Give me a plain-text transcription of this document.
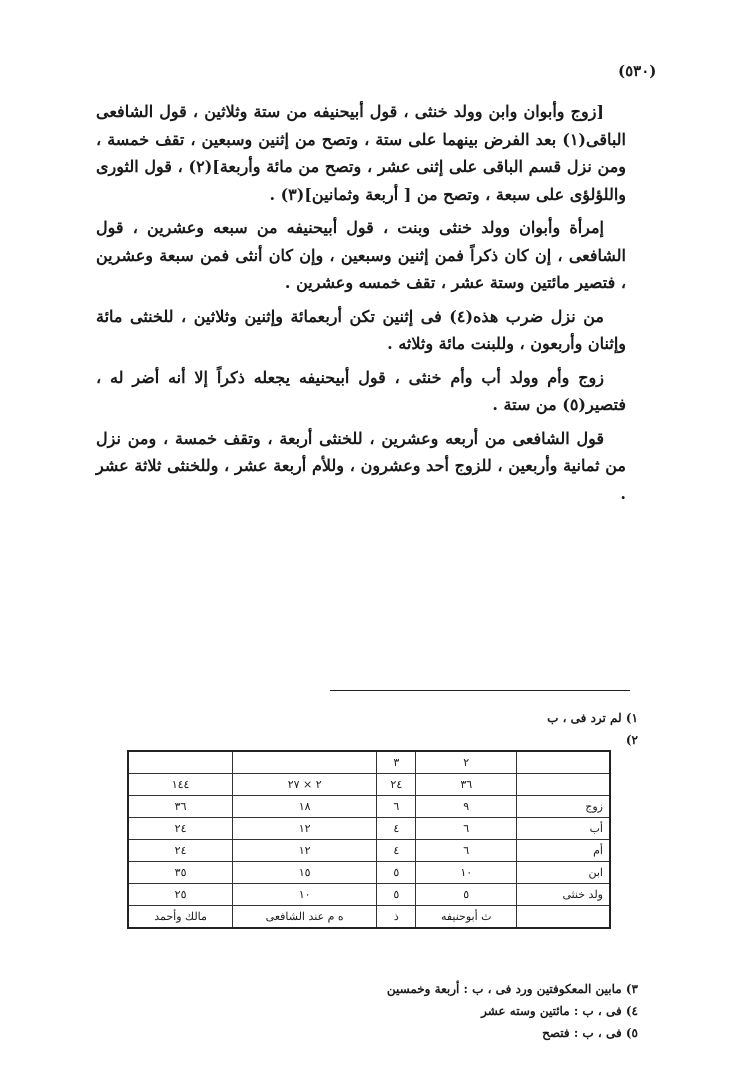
(٥٣٠)

[زوج وأبوان وابن وولد خنثى ، قول أبيحنيفه من ستة وثلاثين ، قول الشافعى الباقى(١) بعد الفرض بينهما على ستة ، وتصح من إثنين وسبعين ، تقف خمسة ، ومن نزل قسم الباقى على إثنى عشر ، وتصح من مائة وأربعة](٢) ، قول الثورى واللؤلؤى على سبعة ، وتصح من [ أربعة وثمانين](٣) .

إمرأة وأبوان وولد خنثى وبنت ، قول أبيحنيفه من سبعه وعشرين ، قول الشافعى ، إن كان ذكراً فمن إثنين وسبعين ، وإن كان أنثى فمن سبعة وعشرين ، فتصير مائتين وستة عشر ، تقف خمسه وعشرين .

من نزل ضرب هذه(٤) فى إثنين تكن أربعمائة وإثنين وثلاثين ، للخنثى مائة وإثنان وأربعون ، وللبنت مائة وثلاثه .

زوج وأم وولد أب وأم خنثى ، قول أبيحنيفه يجعله ذكراً إلا أنه أضر له ، فتصير(٥) من ستة .

قول الشافعى من أربعه وعشرين ، للخنثى أربعة ، وتقف خمسة ، ومن نزل من ثمانية وأربعين ، للزوج أحد وعشرون ، وللأم أربعة عشر ، وللخنثى ثلاثة عشر .

١) لم ترد فى ، ب
٢)
	٢	٣		
	٣٦	٢٤	٢ × ٢٧	١٤٤
زوج	٩	٦	١٨	٣٦
أب	٦	٤	١٢	٢٤
أم	٦	٤	١٢	٢٤
ابن	١٠	٥	١٥	٣٥
ولد خنثى	٥	٥	١٠	٢٥
	ث أبوحنيفه	ذ	ه م عند الشافعى	مالك وأحمد
٣) مابين المعكوفتين ورد فى ، ب : أربعة وخمسين
٤) فى ، ب : مائتين وسته عشر
٥) فى ، ب : فتصح
